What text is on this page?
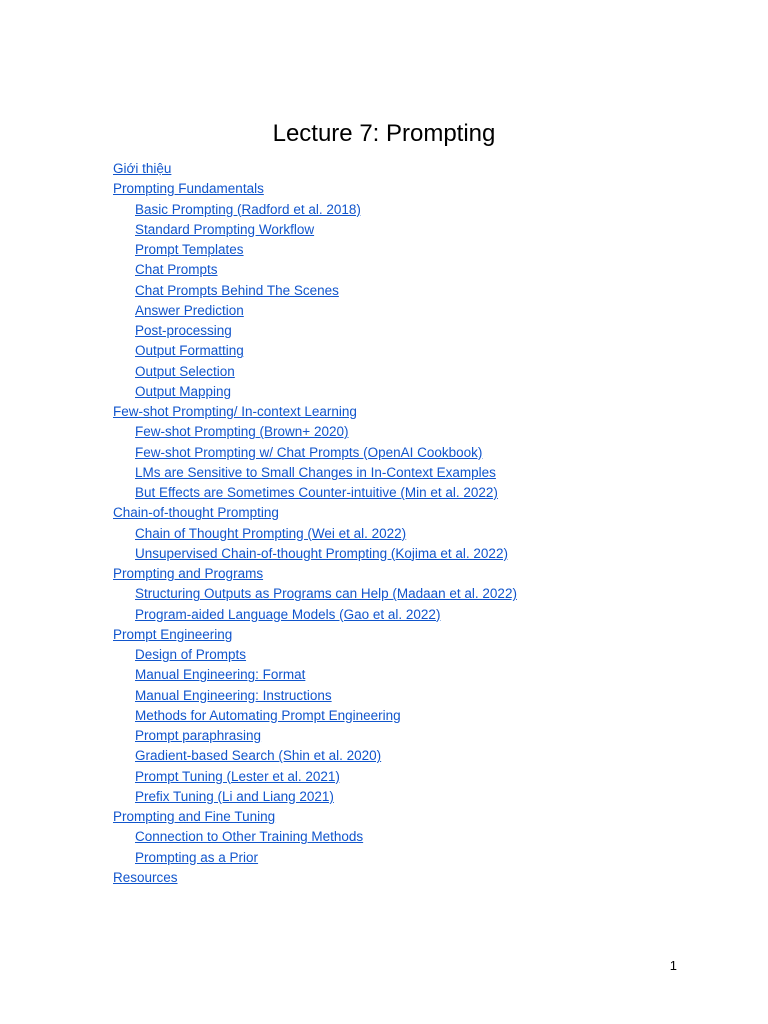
Lecture 7: Prompting
Giới thiệu
Prompting Fundamentals
Basic Prompting (Radford et al. 2018)
Standard Prompting Workflow
Prompt Templates
Chat Prompts
Chat Prompts Behind The Scenes
Answer Prediction
Post-processing
Output Formatting
Output Selection
Output Mapping
Few-shot Prompting/ In-context Learning
Few-shot Prompting (Brown+ 2020)
Few-shot Prompting w/ Chat Prompts (OpenAI Cookbook)
LMs are Sensitive to Small Changes in In-Context Examples
But Effects are Sometimes Counter-intuitive (Min et al. 2022)
Chain-of-thought Prompting
Chain of Thought Prompting (Wei et al. 2022)
Unsupervised Chain-of-thought Prompting (Kojima et al. 2022)
Prompting and Programs
Structuring Outputs as Programs can Help (Madaan et al. 2022)
Program-aided Language Models (Gao et al. 2022)
Prompt Engineering
Design of Prompts
Manual Engineering: Format
Manual Engineering: Instructions
Methods for Automating Prompt Engineering
Prompt paraphrasing
Gradient-based Search (Shin et al. 2020)
Prompt Tuning (Lester et al. 2021)
Prefix Tuning (Li and Liang 2021)
Prompting and Fine Tuning
Connection to Other Training Methods
Prompting as a Prior
Resources
1
